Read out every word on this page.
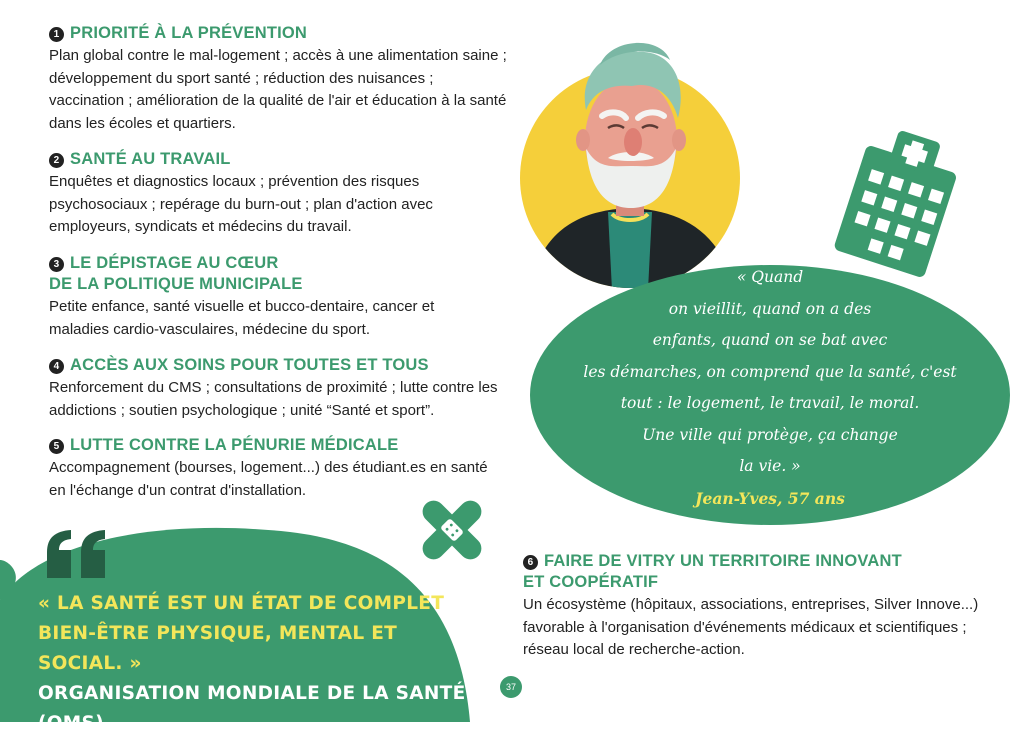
1 PRIORITÉ À LA PRÉVENTION

Plan global contre le mal-logement ; accès à une alimentation saine ; développement du sport santé ; réduction des nuisances ; vaccination ; amélioration de la qualité de l'air et éducation à la santé dans les écoles et quartiers.

2 SANTÉ AU TRAVAIL

Enquêtes et diagnostics locaux ; prévention des risques psychosociaux ; repérage du burn-out ; plan d'action avec employeurs, syndicats et médecins du travail.

3 LE DÉPISTAGE AU CŒUR
DE LA POLITIQUE MUNICIPALE

Petite enfance, santé visuelle et bucco-dentaire, cancer et maladies cardio-vasculaires, médecine du sport.

4 ACCÈS AUX SOINS POUR TOUTES ET TOUS

Renforcement du CMS ; consultations de proximité ; lutte contre les addictions ; soutien psychologique ; unité “Santé et sport”.

5 LUTTE CONTRE LA PÉNURIE MÉDICALE

Accompagnement (bourses, logement...) des étudiant.es en santé en l'échange d'un contrat d'installation.

« LA SANTÉ EST UN ÉTAT DE COMPLET
BIEN-ÊTRE PHYSIQUE, MENTAL ET SOCIAL. »
ORGANISATION MONDIALE DE LA SANTÉ (OMS)
« Quand
on vieillit, quand on a des
enfants, quand on se bat avec
les démarches, on comprend que la santé, c'est
tout : le logement, le travail, le moral.
Une ville qui protège, ça change
la vie. »
Jean-Yves, 57 ans
6 FAIRE DE VITRY UN TERRITOIRE INNOVANT
ET COOPÉRATIF

Un écosystème (hôpitaux, associations, entreprises, Silver Innove...) favorable à l'organisation d'événements médicaux et scientifiques ; réseau local de recherche-action.

37
